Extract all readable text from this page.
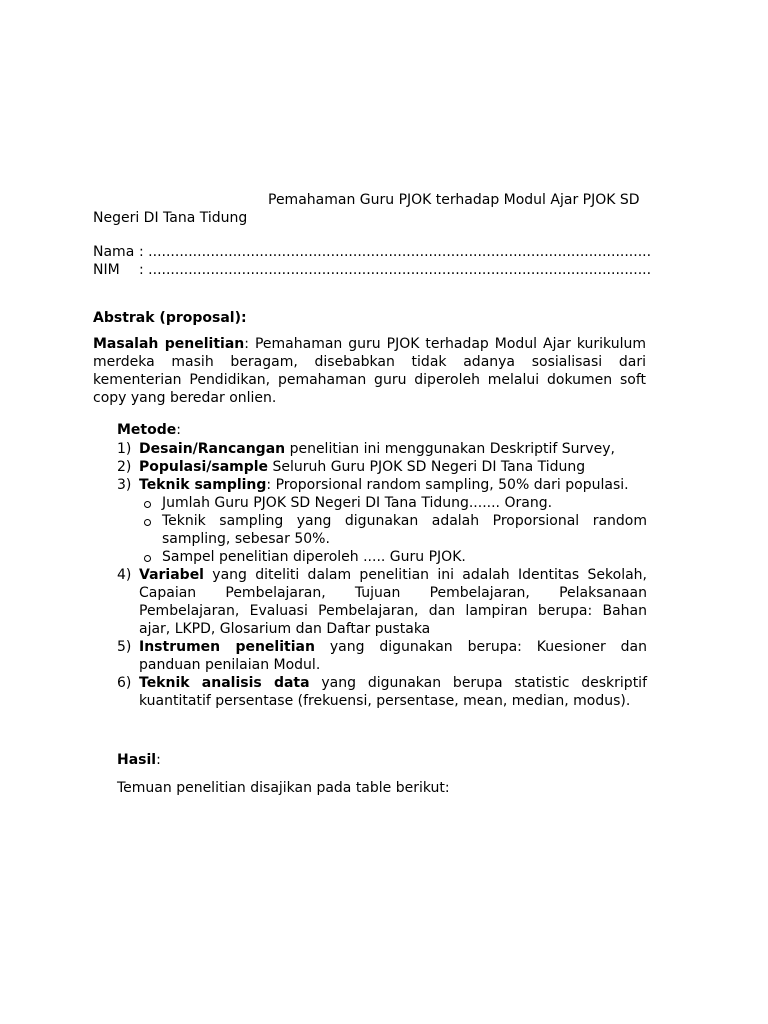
Pemahaman Guru PJOK terhadap Modul Ajar PJOK SD
Negeri DI Tana Tidung
Nama : .................................................................................................................
NIM : .................................................................................................................
Abstrak (proposal):
Masalah penelitian: Pemahaman guru PJOK terhadap Modul Ajar kurikulum merdeka masih beragam, disebabkan tidak adanya sosialisasi dari kementerian Pendidikan, pemahaman guru diperoleh melalui dokumen soft copy yang beredar onlien.
Metode:
1) Desain/Rancangan penelitian ini menggunakan Deskriptif Survey,
2) Populasi/sample Seluruh Guru PJOK SD Negeri DI Tana Tidung
3) Teknik sampling: Proporsional random sampling, 50% dari populasi.
Jumlah Guru PJOK SD Negeri DI Tana Tidung....... Orang.
Teknik sampling yang digunakan adalah Proporsional random sampling, sebesar 50%.
Sampel penelitian diperoleh ..... Guru PJOK.
4) Variabel yang diteliti dalam penelitian ini adalah Identitas Sekolah, Capaian Pembelajaran, Tujuan Pembelajaran, Pelaksanaan Pembelajaran, Evaluasi Pembelajaran, dan lampiran berupa: Bahan ajar, LKPD, Glosarium dan Daftar pustaka
5) Instrumen penelitian yang digunakan berupa: Kuesioner dan panduan penilaian Modul.
6) Teknik analisis data yang digunakan berupa statistic deskriptif kuantitatif persentase (frekuensi, persentase, mean, median, modus).
Hasil:
Temuan penelitian disajikan pada table berikut:
